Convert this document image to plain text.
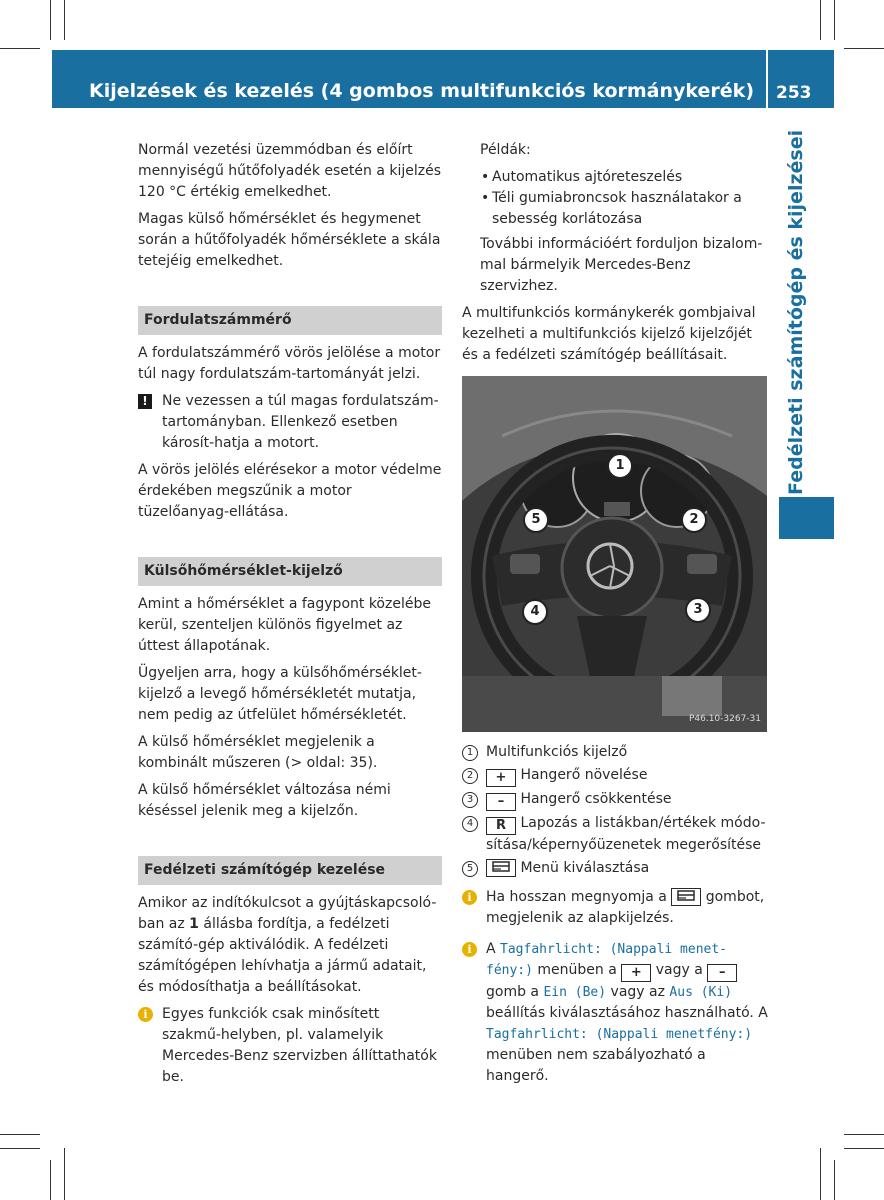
Kijelzések és kezelés (4 gombos multifunkciós kormánykerék) 253
Fedélzeti számítógép és kijelzései

Normál vezetési üzemmódban és előírt mennyiségű hűtőfolyadék esetén a kijelzés 120 °C értékig emelkedhet.

Magas külső hőmérséklet és hegymenet során a hűtőfolyadék hőmérséklete a skála tetejéig emelkedhet.

Fordulatszámmérő

A fordulatszámmérő vörös jelölése a motor túl nagy fordulatszám-tartományát jelzi.

!	Ne vezessen a túl magas fordulatszám-tartományban. Ellenkező esetben károsít-hatja a motort.

A vörös jelölés elérésekor a motor védelme érdekében megszűnik a motor tüzelőanyag-ellátása.

Külsőhőmérséklet-kijelző

Amint a hőmérséklet a fagypont közelébe kerül, szenteljen különös figyelmet az úttest állapotának.

Ügyeljen arra, hogy a külsőhőmérséklet-kijelző a levegő hőmérsékletét mutatja, nem pedig az útfelület hőmérsékletét.

A külső hőmérséklet megjelenik a kombinált műszeren (> oldal: 35).

A külső hőmérséklet változása némi késéssel jelenik meg a kijelzőn.

Fedélzeti számítógép kezelése

Amikor az indítókulcsot a gyújtáskapcsoló-ban az 1 állásba fordítja, a fedélzeti számító-gép aktiválódik. A fedélzeti számítógépen lehívhatja a jármű adatait, és módosíthatja a beállításokat.

i	Egyes funkciók csak minősített szakmű-helyben, pl. valamelyik Mercedes-Benz szervizben állíttathatók be.

Példák:

• Automatikus ajtóreteszelés
• Téli gumiabroncsok használatakor a sebesség korlátozása

További információért forduljon bizalom-mal bármelyik Mercedes-Benz szervizhez.

A multifunkciós kormánykerék gombjaival kezelheti a multifunkciós kijelző kijelzőjét és a fedélzeti számítógép beállításait.

1
2
3
4
5
P46.10-3267-31
1 Multifunkciós kijelző
2	+ Hangerő növelése
3	– Hangerő csökkentése
4	R Lapozás a listákban/értékek módo-sítása/képernyőüzenetek megerősítése
5	Menü kiválasztása
i	Ha hosszan megnyomja a  gombot, megjelenik az alapkijelzés.
i	A Tagfahrlicht: (Nappali menet-fény:) menüben a + vagy a – gomb a Ein (Be) vagy az Aus (Ki) beállítás kiválasztásához használható. A Tagfahrlicht: (Nappali menetfény:) menüben nem szabályozható a hangerő.
